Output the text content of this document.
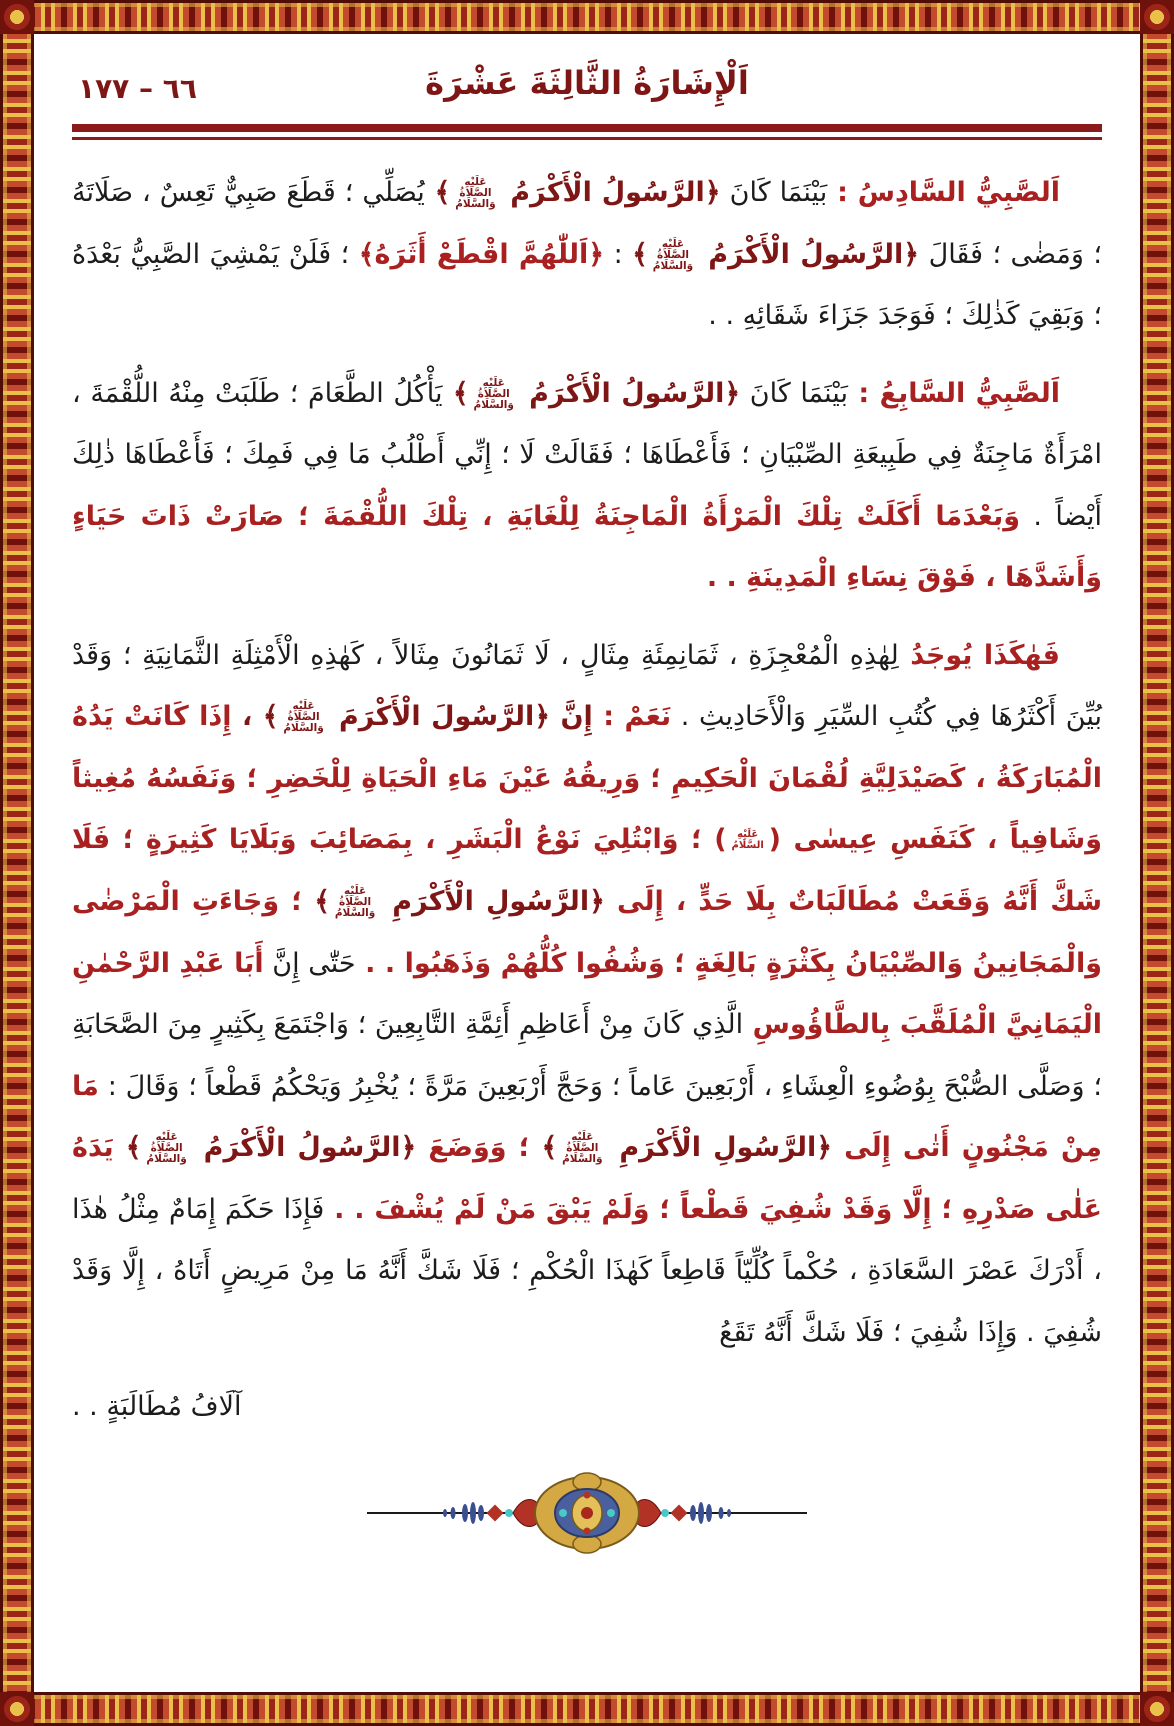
٦٦ – ١٧٧	اَلْإِشَارَةُ الثَّالِثَةَ عَشْرَةَ

اَلصَّبِيُّ السَّادِسُ : بَيْنَمَا كَانَ ﴿الرَّسُولُ الْأَكْرَمُ عَلَيْهِ الصَّلَاةُ وَالسَّلَامُ﴾ يُصَلِّي ؛ قَطَعَ صَبِيٌّ تَعِسٌ ، صَلَاتَهُ ؛ وَمَضٰى ؛ فَقَالَ ﴿الرَّسُولُ الْأَكْرَمُ عَلَيْهِ الصَّلَاةُ وَالسَّلَامُ﴾ : ﴿اَللّٰهُمَّ اقْطَعْ أَثَرَهُ﴾ ؛ فَلَنْ يَمْشِيَ الصَّبِيُّ بَعْدَهُ ؛ وَبَقِيَ كَذٰلِكَ ؛ فَوَجَدَ جَزَاءَ شَقَائِهِ . .

اَلصَّبِيُّ السَّابِعُ : بَيْنَمَا كَانَ ﴿الرَّسُولُ الْأَكْرَمُ عَلَيْهِ الصَّلَاةُ وَالسَّلَامُ﴾ يَأْكُلُ الطَّعَامَ ؛ طَلَبَتْ مِنْهُ اللُّقْمَةَ ، امْرَأَةٌ مَاجِنَةٌ فِي طَبِيعَةِ الصِّبْيَانِ ؛ فَأَعْطَاهَا ؛ فَقَالَتْ لَا ؛ إِنِّي أَطْلُبُ مَا فِي فَمِكَ ؛ فَأَعْطَاهَا ذٰلِكَ أَيْضاً . وَبَعْدَمَا أَكَلَتْ تِلْكَ الْمَرْأَةُ الْمَاجِنَةُ لِلْغَايَةِ ، تِلْكَ اللُّقْمَةَ ؛ صَارَتْ ذَاتَ حَيَاءٍ وَأَشَدَّهَا ، فَوْقَ نِسَاءِ الْمَدِينَةِ . .

فَهٰكَذَا يُوجَدُ لِهٰذِهِ الْمُعْجِزَةِ ، ثَمَانِمِئَةِ مِثَالٍ ، لَا ثَمَانُونَ مِثَالاً ، كَهٰذِهِ الْأَمْثِلَةِ الثَّمَانِيَةِ ؛ وَقَدْ بُيِّنَ أَكْثَرُهَا فِي كُتُبِ السِّيَرِ وَالْأَحَادِيثِ . نَعَمْ : إِنَّ ﴿الرَّسُولَ الْأَكْرَمَ عَلَيْهِ الصَّلَاةُ وَالسَّلَامُ﴾ ، إِذَا كَانَتْ يَدُهُ الْمُبَارَكَةُ ، كَصَيْدَلِيَّةِ لُقْمَانَ الْحَكِيمِ ؛ وَرِيقُهُ عَيْنَ مَاءِ الْحَيَاةِ لِلْخَضِرِ ؛ وَنَفَسُهُ مُغِيثاً وَشَافِياً ، كَنَفَسِ عِيسٰى (عَلَيْهِ السَّلَامُ) ؛ وَابْتُلِيَ نَوْعُ الْبَشَرِ ، بِمَصَائِبَ وَبَلَايَا كَثِيرَةٍ ؛ فَلَا شَكَّ أَنَّهُ وَقَعَتْ مُطَالَبَاتٌ بِلَا حَدٍّ ، إِلَى ﴿الرَّسُولِ الْأَكْرَمِ عَلَيْهِ الصَّلَاةُ وَالسَّلَامُ﴾ ؛ وَجَاءَتِ الْمَرْضٰى وَالْمَجَانِينُ وَالصِّبْيَانُ بِكَثْرَةٍ بَالِغَةٍ ؛ وَشُفُوا كُلُّهُمْ وَذَهَبُوا . . حَتّٰى إِنَّ أَبَا عَبْدِ الرَّحْمٰنِ الْيَمَانِيَّ الْمُلَقَّبَ بِالطَّاؤُوسِ الَّذِي كَانَ مِنْ أَعَاظِمِ أَئِمَّةِ التَّابِعِينَ ؛ وَاجْتَمَعَ بِكَثِيرٍ مِنَ الصَّحَابَةِ ؛ وَصَلَّى الصُّبْحَ بِوُضُوءِ الْعِشَاءِ ، أَرْبَعِينَ عَاماً ؛ وَحَجَّ أَرْبَعِينَ مَرَّةً ؛ يُخْبِرُ وَيَحْكُمُ قَطْعاً ؛ وَقَالَ : مَا مِنْ مَجْنُونٍ أَتٰى إِلَى ﴿الرَّسُولِ الْأَكْرَمِ عَلَيْهِ الصَّلَاةُ وَالسَّلَامُ﴾ ؛ وَوَضَعَ ﴿الرَّسُولُ الْأَكْرَمُ عَلَيْهِ الصَّلَاةُ وَالسَّلَامُ﴾ يَدَهُ عَلٰى صَدْرِهِ ؛ إِلَّا وَقَدْ شُفِيَ قَطْعاً ؛ وَلَمْ يَبْقَ مَنْ لَمْ يُشْفَ . . فَإِذَا حَكَمَ إِمَامٌ مِثْلُ هٰذَا ، أَدْرَكَ عَصْرَ السَّعَادَةِ ، حُكْماً كُلِّيّاً قَاطِعاً كَهٰذَا الْحُكْمِ ؛ فَلَا شَكَّ أَنَّهُ مَا مِنْ مَرِيضٍ أَتَاهُ ، إِلَّا وَقَدْ شُفِيَ . وَإِذَا شُفِيَ ؛ فَلَا شَكَّ أَنَّهُ تَقَعُ

آلَافُ مُطَالَبَةٍ . .
